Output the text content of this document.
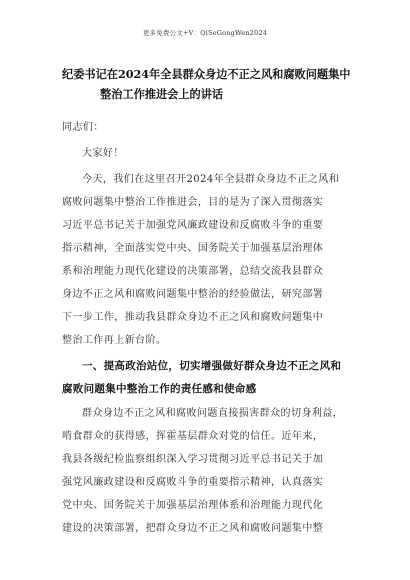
更多免费公文+V：QiSeGongWen2024
纪委书记在2024年全县群众身边不正之风和腐败问题集中
整治工作推进会上的讲话
同志们：
大家好！
今天，我们在这里召开2024年全县群众身边不正之风和
腐败问题集中整治工作推进会，目的是为了深入贯彻落实
习近平总书记关于加强党风廉政建设和反腐败斗争的重要
指示精神，全面落实党中央、国务院关于加强基层治理体
系和治理能力现代化建设的决策部署，总结交流我县群众
身边不正之风和腐败问题集中整治的经验做法，研究部署
下一步工作，推动我县群众身边不正之风和腐败问题集中
整治工作再上新台阶。
一、提高政治站位，切实增强做好群众身边不正之风和
腐败问题集中整治工作的责任感和使命感
群众身边不正之风和腐败问题直接损害群众的切身利益，
啃食群众的获得感，挥霍基层群众对党的信任。近年来，
我县各级纪检监察组织深入学习贯彻习近平总书记关于加
强党风廉政建设和反腐败斗争的重要指示精神，认真落实
党中央、国务院关于加强基层治理体系和治理能力现代化
建设的决策部署，把群众身边不正之风和腐败问题集中整
